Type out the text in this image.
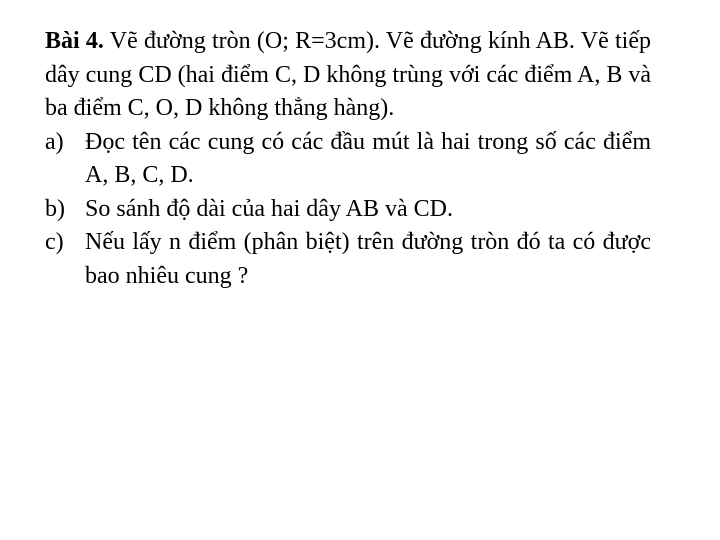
Bài 4. Vẽ đường tròn (O; R=3cm). Vẽ đường kính AB. Vẽ tiếp dây cung CD (hai điểm C, D không trùng với các điểm A, B và ba điểm C, O, D không thẳng hàng).
a) Đọc tên các cung có các đầu mút là hai trong số các điểm A, B, C, D.
b) So sánh độ dài của hai dây AB và CD.
c) Nếu lấy n điểm (phân biệt) trên đường tròn đó ta có được bao nhiêu cung ?
